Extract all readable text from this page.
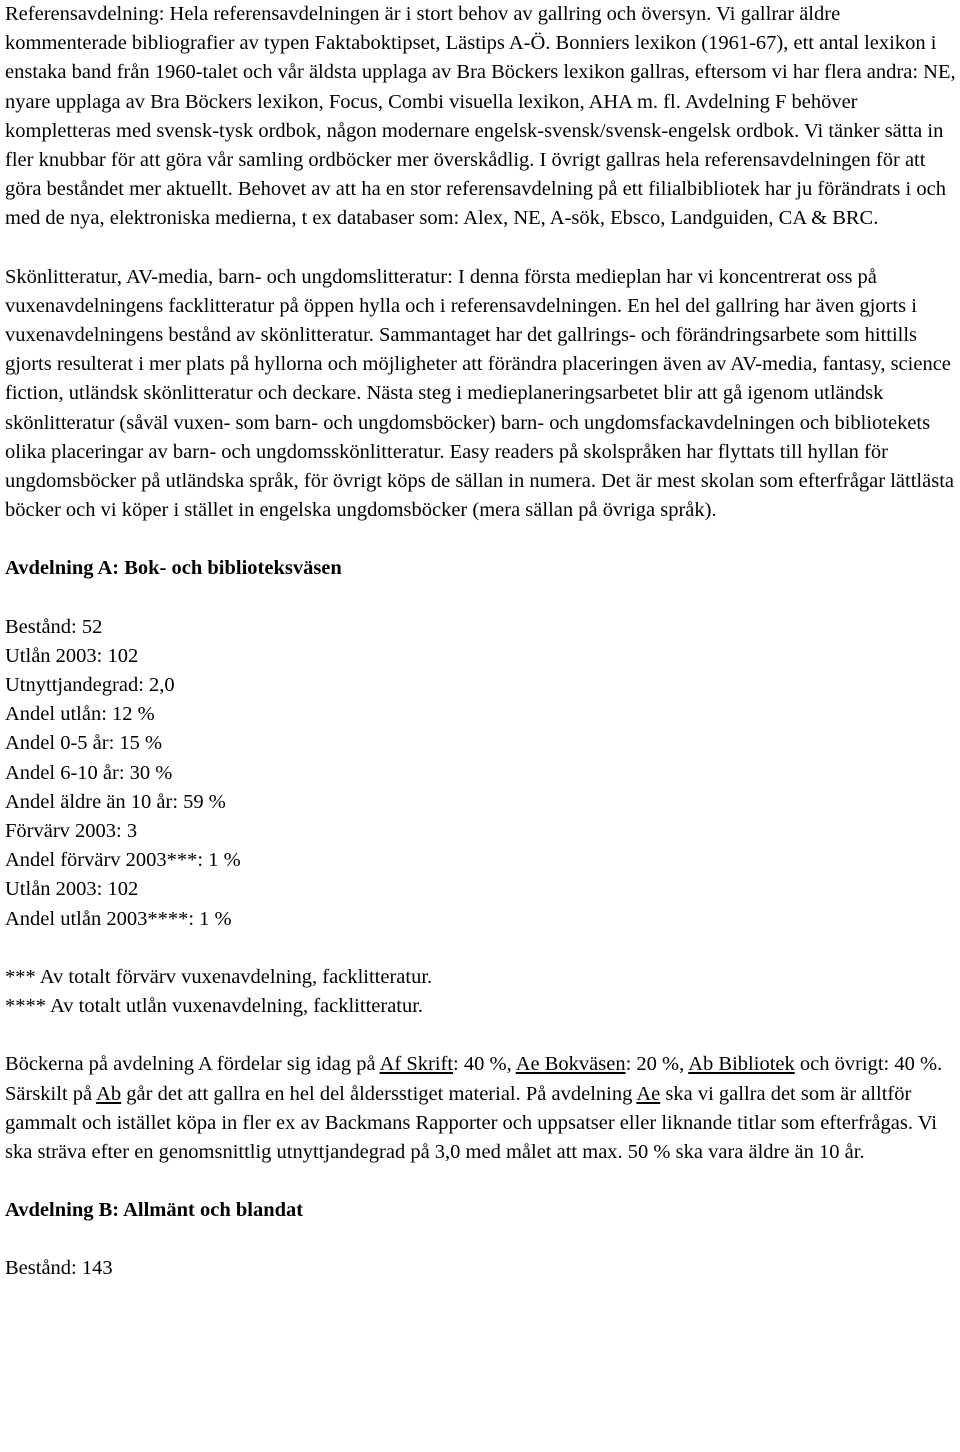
Referensavdelning: Hela referensavdelningen är i stort behov av gallring och översyn. Vi gallrar äldre kommenterade bibliografier av typen Faktaboktipset, Lästips A-Ö. Bonniers lexikon (1961-67), ett antal lexikon i enstaka band från 1960-talet och vår äldsta upplaga av Bra Böckers lexikon gallras, eftersom vi har flera andra: NE, nyare upplaga av Bra Böckers lexikon, Focus, Combi visuella lexikon, AHA m. fl. Avdelning F behöver kompletteras med svensk-tysk ordbok, någon modernare engelsk-svensk/svensk-engelsk ordbok. Vi tänker sätta in fler knubbar för att göra vår samling ordböcker mer överskådlig. I övrigt gallras hela referensavdelningen för att göra beståndet mer aktuellt. Behovet av att ha en stor referensavdelning på ett filialbibliotek har ju förändrats i och med de nya, elektroniska medierna, t ex databaser som: Alex, NE, A-sök, Ebsco, Landguiden, CA & BRC.

Skönlitteratur, AV-media, barn- och ungdomslitteratur: I denna första medieplan har vi koncentrerat oss på vuxenavdelningens facklitteratur på öppen hylla och i referensavdelningen. En hel del gallring har även gjorts i vuxenavdelningens bestånd av skönlitteratur. Sammantaget har det gallrings- och förändringsarbete som hittills gjorts resulterat i mer plats på hyllorna och möjligheter att förändra placeringen även av AV-media, fantasy, science fiction, utländsk skönlitteratur och deckare. Nästa steg i medieplaneringsarbetet blir att gå igenom utländsk skönlitteratur (såväl vuxen- som barn- och ungdomsböcker) barn- och ungdomsfackavdelningen och bibliotekets olika placeringar av barn- och ungdomsskönlitteratur. Easy readers på skolspråken har flyttats till hyllan för ungdomsböcker på utländska språk, för övrigt köps de sällan in numera. Det är mest skolan som efterfrågar lättlästa böcker och vi köper i stället in engelska ungdomsböcker (mera sällan på övriga språk).

Avdelning A: Bok- och biblioteksväsen

Bestånd: 52

Utlån 2003: 102

Utnyttjandegrad: 2,0

Andel utlån: 12 %

Andel 0-5 år: 15 %

Andel 6-10 år: 30 %

Andel äldre än 10 år: 59 %

Förvärv 2003: 3

Andel förvärv 2003***: 1 %

Utlån 2003: 102

Andel utlån 2003****: 1 %

*** Av totalt förvärv vuxenavdelning, facklitteratur.

**** Av totalt utlån vuxenavdelning, facklitteratur.

Böckerna på avdelning A fördelar sig idag på Af Skrift: 40 %, Ae Bokväsen: 20 %, Ab Bibliotek och övrigt: 40 %. Särskilt på Ab går det att gallra en hel del åldersstiget material. På avdelning Ae ska vi gallra det som är alltför gammalt och istället köpa in fler ex av Backmans Rapporter och uppsatser eller liknande titlar som efterfrågas. Vi ska sträva efter en genomsnittlig utnyttjandegrad på 3,0 med målet att max. 50 % ska vara äldre än 10 år.

Avdelning B: Allmänt och blandat

Bestånd: 143
